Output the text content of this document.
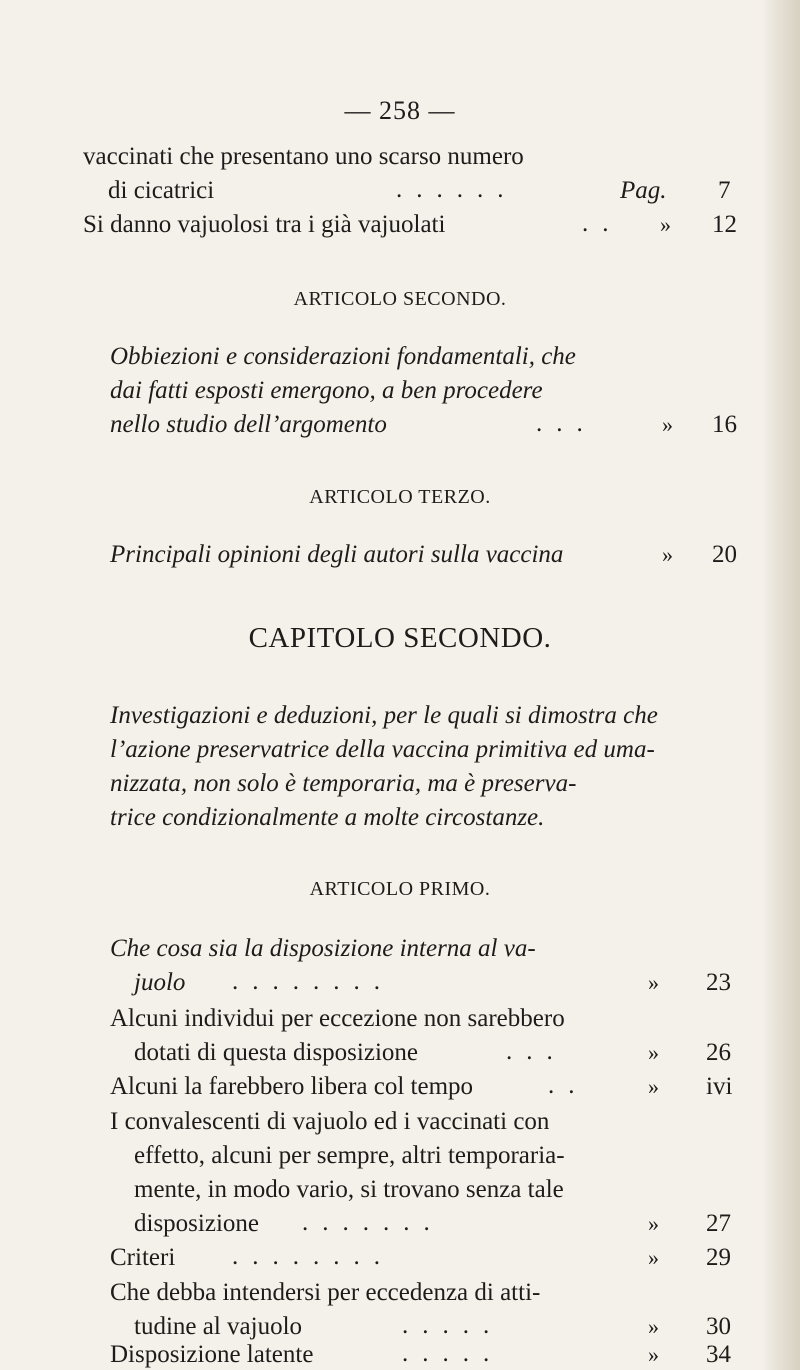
— 258 —
vaccinati che presentano uno scarso numero
di cicatrici	......	Pag. 7
Si danno vajuolosi tra i già vajuolati	.. » 12
ARTICOLO SECONDO.
Obbiezioni e considerazioni fondamentali, che
dai fatti esposti emergono, a ben procedere
nello studio dell’argomento	...	» 16
ARTICOLO TERZO.
Principali opinioni degli autori sulla vaccina	» 20
CAPITOLO SECONDO.
Investigazioni e deduzioni, per le quali si dimostra che
l’azione preservatrice della vaccina primitiva ed uma-
nizzata, non solo è temporaria, ma è preserva-
trice condizionalmente a molte circostanze.
ARTICOLO PRIMO.
Che cosa sia la disposizione interna al va-
juolo ........	» 23
Alcuni individui per eccezione non sarebbero
dotati di questa disposizione	...	» 26
Alcuni la farebbero libera col tempo	..	» ivi
I convalescenti di vajuolo ed i vaccinati con
effetto, alcuni per sempre, altri temporaria-
mente, in modo vario, si trovano senza tale
disposizione .......	» 27
Criteri ........	» 29
Che debba intendersi per eccedenza di atti-
tudine al vajuolo	.....	» 30
Disposizione latente	.....	» 34
